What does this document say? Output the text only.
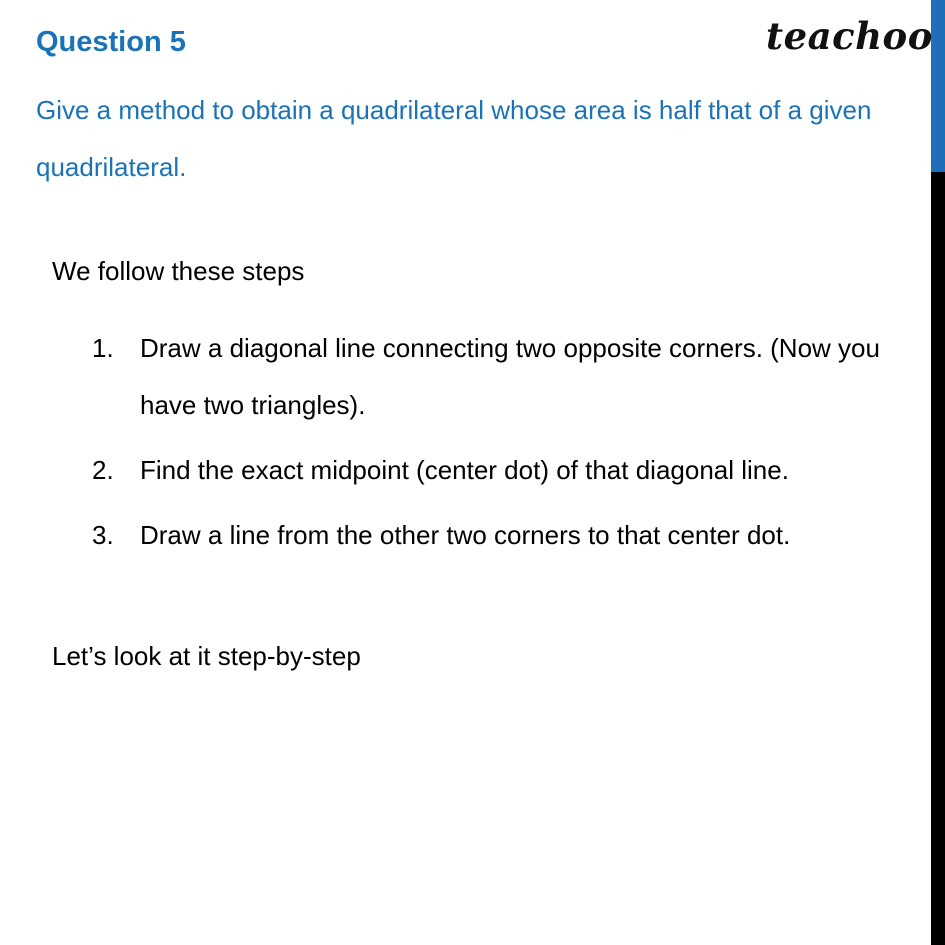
Question 5	teachoo
Give a method to obtain a quadrilateral whose area is half that of a given quadrilateral.
We follow these steps
1. Draw a diagonal line connecting two opposite corners. (Now you have two triangles).
2. Find the exact midpoint (center dot) of that diagonal line.
3. Draw a line from the other two corners to that center dot.
Let’s look at it step-by-step
